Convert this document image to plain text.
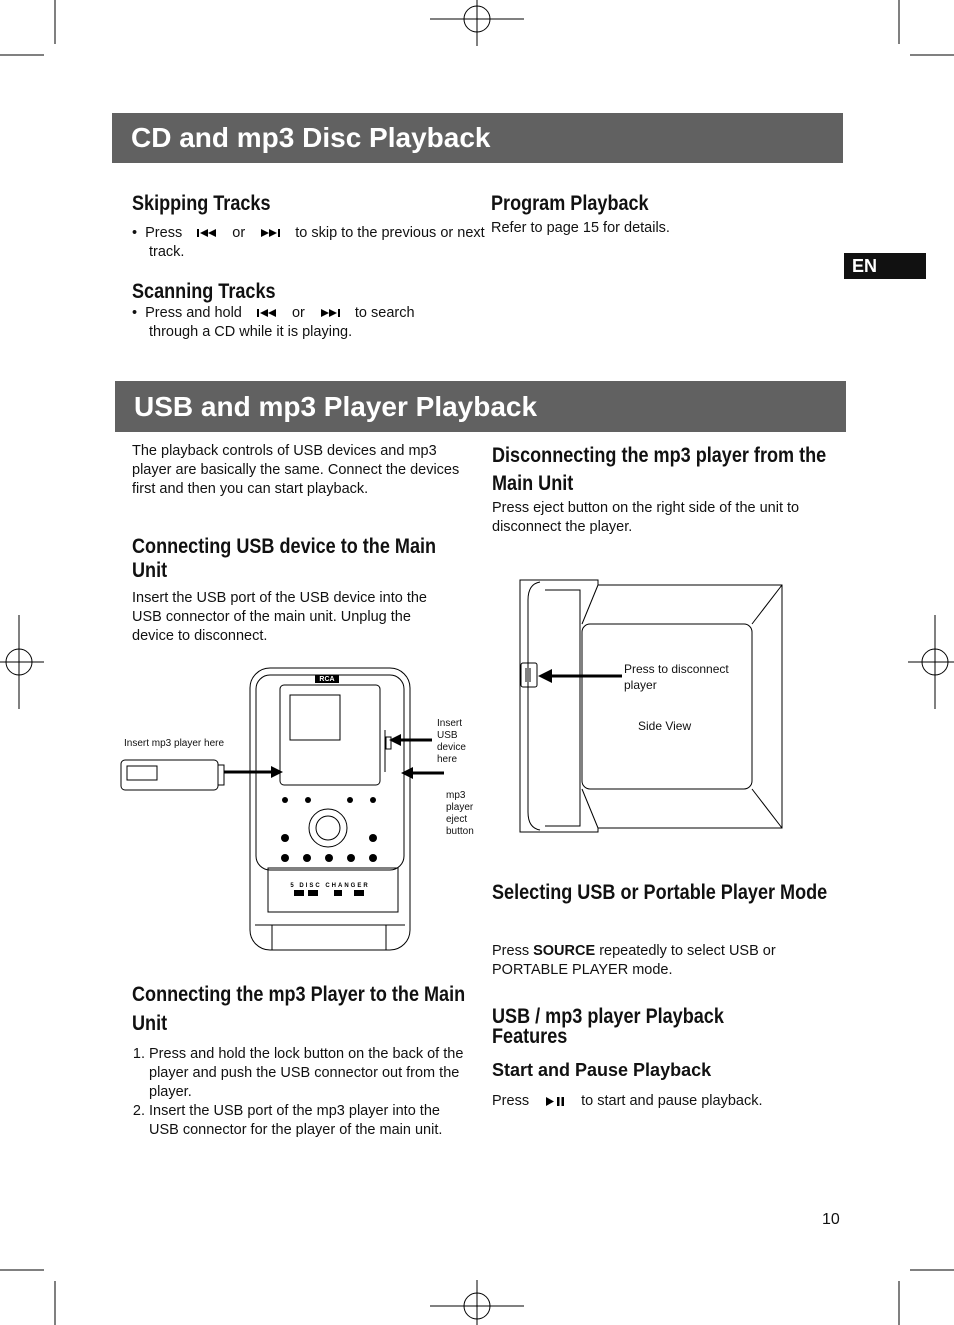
CD and mp3 Disc Playback
Skipping Tracks
•  Press	or	to skip to the previous or next track.
Scanning Tracks
•  Press and hold	or	to search through a CD while it is playing.
Program Playback
Refer to page 15 for details.
EN
USB and mp3 Player Playback
The playback controls of USB devices and mp3 player are basically the same. Connect the devices first and then you can start playback.
Connecting USB device to the Main Unit
Insert the USB port of the USB device into the USB connector of the main unit. Unplug the device to disconnect.
RCA
5 DISC CHANGER
Insert mp3 player here
Insert USB device here
mp3 player eject button
Connecting the mp3 Player to the Main Unit
1. Press and hold the lock button on the back of the player and push the USB connector out from the player.
2. Insert the USB port of the mp3 player into the USB connector for the player of the main unit.
Disconnecting the mp3 player from the Main Unit
Press eject button on the right side of the unit to disconnect the player.
Press to disconnect player
Side View
Selecting USB or Portable Player Mode
Press SOURCE repeatedly to select USB or PORTABLE PLAYER mode.
USB / mp3 player Playback Features
Start and Pause Playback
Press	to start and pause playback.
10
